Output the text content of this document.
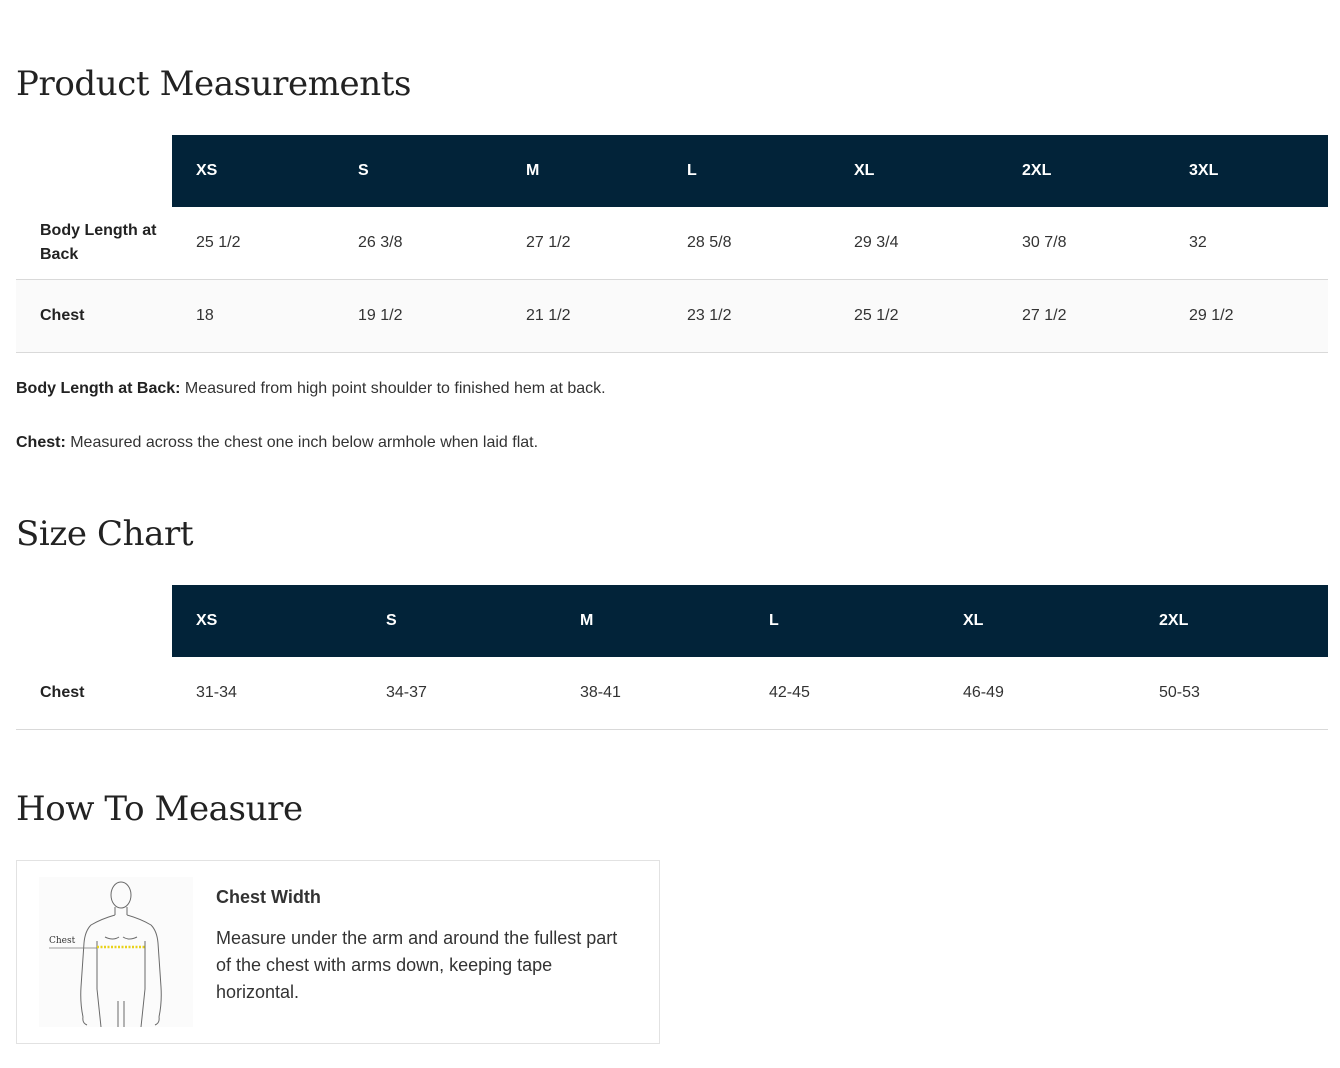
Product Measurements
	XS	S	M	L	XL	2XL	3XL
Body Length at Back	25 1/2	26 3/8	27 1/2	28 5/8	29 3/4	30 7/8	32
Chest	18	19 1/2	21 1/2	23 1/2	25 1/2	27 1/2	29 1/2
Body Length at Back: Measured from high point shoulder to finished hem at back.
Chest: Measured across the chest one inch below armhole when laid flat.
Size Chart
	XS	S	M	L	XL	2XL
Chest	31-34	34-37	38-41	42-45	46-49	50-53
How To Measure
Chest
Chest Width
Measure under the arm and around the fullest part of the chest with arms down, keeping tape horizontal.
